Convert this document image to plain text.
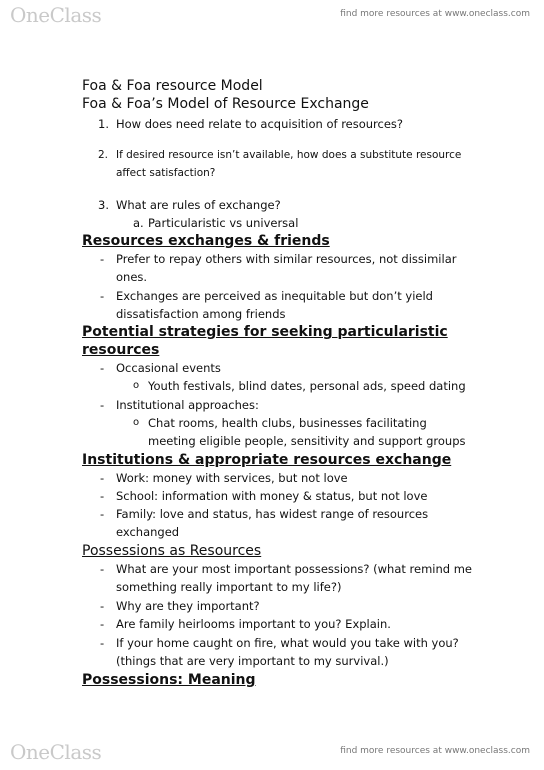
OneClass	find more resources at www.oneclass.com
Foa & Foa resource Model
Foa & Foa’s Model of Resource Exchange
1. How does need relate to acquisition of resources?
2. If desired resource isn’t available, how does a substitute resource
affect satisfaction?
3. What are rules of exchange?
a. Particularistic vs universal
Resources exchanges & friends
- Prefer to repay others with similar resources, not dissimilar
ones.
- Exchanges are perceived as inequitable but don’t yield
dissatisfaction among friends
Potential strategies for seeking particularistic
resources
- Occasional events
o Youth festivals, blind dates, personal ads, speed dating
- Institutional approaches:
o Chat rooms, health clubs, businesses facilitating
meeting eligible people, sensitivity and support groups
Institutions & appropriate resources exchange
- Work: money with services, but not love
- School: information with money & status, but not love
- Family: love and status, has widest range of resources
exchanged
Possessions as Resources
- What are your most important possessions? (what remind me
something really important to my life?)
- Why are they important?
- Are family heirlooms important to you? Explain.
- If your home caught on fire, what would you take with you?
(things that are very important to my survival.)
Possessions: Meaning
OneClass	find more resources at www.oneclass.com
